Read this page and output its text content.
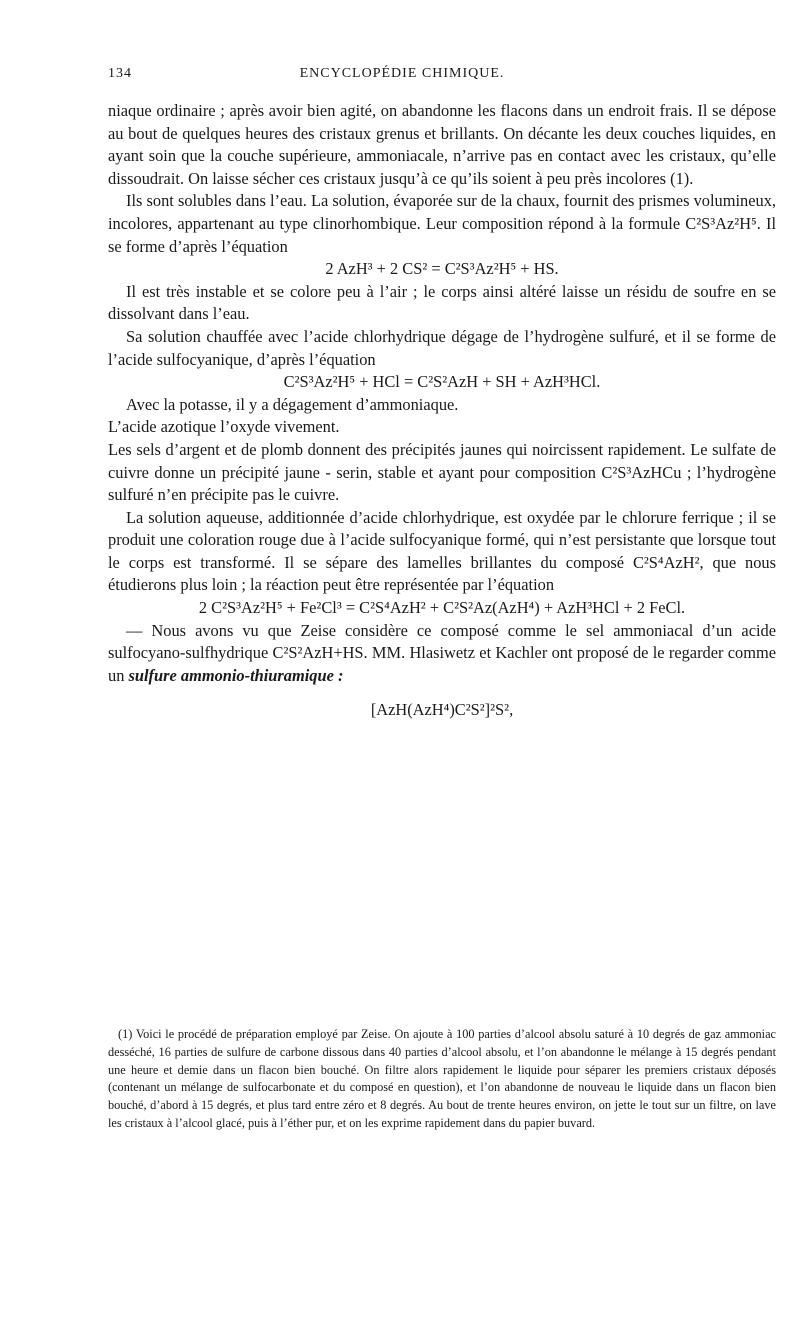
134	ENCYCLOPÉDIE CHIMIQUE.

niaque ordinaire ; après avoir bien agité, on abandonne les flacons dans un endroit frais. Il se dépose au bout de quelques heures des cristaux grenus et brillants. On décante les deux couches liquides, en ayant soin que la couche supérieure, ammoniacale, n’arrive pas en contact avec les cristaux, qu’elle dissoudrait. On laisse sécher ces cristaux jusqu’à ce qu’ils soient à peu près incolores (1).

Ils sont solubles dans l’eau. La solution, évaporée sur de la chaux, fournit des prismes volumineux, incolores, appartenant au type clinorhombique. Leur composition répond à la formule C²S³Az²H⁵. Il se forme d’après l’équation

2 AzH³ + 2 CS² = C²S³Az²H⁵ + HS.

Il est très instable et se colore peu à l’air ; le corps ainsi altéré laisse un résidu de soufre en se dissolvant dans l’eau.

Sa solution chauffée avec l’acide chlorhydrique dégage de l’hydrogène sulfuré, et il se forme de l’acide sulfocyanique, d’après l’équation

C²S³Az²H⁵ + HCl = C²S²AzH + SH + AzH³HCl.

Avec la potasse, il y a dégagement d’ammoniaque.

L’acide azotique l’oxyde vivement.

Les sels d’argent et de plomb donnent des précipités jaunes qui noircissent rapidement. Le sulfate de cuivre donne un précipité jaune - serin, stable et ayant pour composition C²S³AzHCu ; l’hydrogène sulfuré n’en précipite pas le cuivre.

La solution aqueuse, additionnée d’acide chlorhydrique, est oxydée par le chlorure ferrique ; il se produit une coloration rouge due à l’acide sulfocyanique formé, qui n’est persistante que lorsque tout le corps est transformé. Il se sépare des lamelles brillantes du composé C²S⁴AzH², que nous étudierons plus loin ; la réaction peut être représentée par l’équation

2 C²S³Az²H⁵ + Fe²Cl³ = C²S⁴AzH² + C²S²Az(AzH⁴) + AzH³HCl + 2 FeCl.

— Nous avons vu que Zeise considère ce composé comme le sel ammoniacal d’un acide sulfocyano-sulfhydrique C²S²AzH+HS. MM. Hlasiwetz et Kachler ont proposé de le regarder comme un sulfure ammonio-thiuramique :

[AzH(AzH⁴)C²S²]²S²,

(1) Voici le procédé de préparation employé par Zeise. On ajoute à 100 parties d’alcool absolu saturé à 10 degrés de gaz ammoniac desséché, 16 parties de sulfure de carbone dissous dans 40 parties d’alcool absolu, et l’on abandonne le mélange à 15 degrés pendant une heure et demie dans un flacon bien bouché. On filtre alors rapidement le liquide pour séparer les premiers cristaux déposés (contenant un mélange de sulfocarbonate et du composé en question), et l’on abandonne de nouveau le liquide dans un flacon bien bouché, d’abord à 15 degrés, et plus tard entre zéro et 8 degrés. Au bout de trente heures environ, on jette le tout sur un filtre, on lave les cristaux à l’alcool glacé, puis à l’éther pur, et on les exprime rapidement dans du papier buvard.
